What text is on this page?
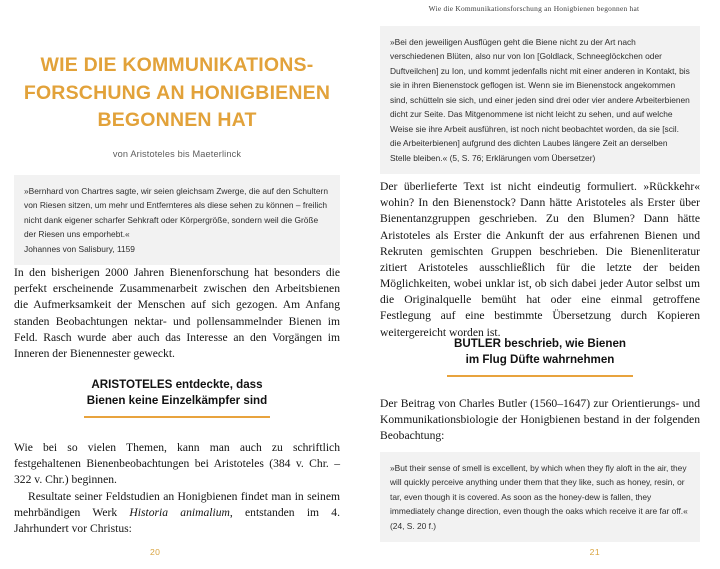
Wie die Kommunikationsforschung an Honigbienen begonnen hat
WIE DIE KOMMUNIKATIONS-FORSCHUNG AN HONIGBIENEN BEGONNEN HAT
von Aristoteles bis Maeterlinck

»Bernhard von Chartres sagte, wir seien gleichsam Zwerge, die auf den Schultern von Riesen sitzen, um mehr und Entfernteres als diese sehen zu können – freilich nicht dank eigener scharfer Sehkraft oder Körpergröße, sondern weil die Größe der Riesen uns emporhebt.«

Johannes von Salisbury, 1159

In den bisherigen 2000 Jahren Bienenforschung hat besonders die perfekt erscheinende Zusammenarbeit zwischen den Arbeitsbienen die Aufmerksamkeit der Menschen auf sich gezogen. Am Anfang standen Beobachtungen nektar- und pollensammelnder Bienen im Feld. Rasch wurde aber auch das Interesse an den Vorgängen im Inneren der Bienennester geweckt.

ARISTOTELES entdeckte, dass
Bienen keine Einzelkämpfer sind

Wie bei so vielen Themen, kann man auch zu schriftlich festgehaltenen Bienenbeobachtungen bei Aristoteles (384 v. Chr. – 322 v. Chr.) beginnen.

Resultate seiner Feldstudien an Honigbienen findet man in seinem mehrbändigen Werk Historia animalium, entstanden im 4. Jahrhundert vor Christus:

20

»Bei den jeweiligen Ausflügen geht die Biene nicht zu der Art nach verschiedenen Blüten, also nur von Ion [Goldlack, Schneeglöckchen oder Duftveilchen] zu Ion, und kommt jedenfalls nicht mit einer anderen in Kontakt, bis sie in ihren Bienenstock geflogen ist. Wenn sie im Bienenstock angekommen sind, schütteln sie sich, und einer jeden sind drei oder vier andere Arbeiterbienen dicht zur Seite. Das Mitgenommene ist nicht leicht zu sehen, und auf welche Weise sie ihre Arbeit ausführen, ist noch nicht beobachtet worden, da sie [scil. die Arbeiterbienen] aufgrund des dichten Laubes längere Zeit an derselben Stelle bleiben.« (5, S. 76; Erklärungen vom Übersetzer)

Der überlieferte Text ist nicht eindeutig formuliert. »Rückkehr« wohin? In den Bienenstock? Dann hätte Aristoteles als Erster über Bienentanzgruppen geschrieben. Zu den Blumen? Dann hätte Aristoteles als Erster die Ankunft der aus erfahrenen Bienen und Rekruten gemischten Gruppen beschrieben. Die Bienenliteratur zitiert Aristoteles ausschließlich für die letzte der beiden Möglichkeiten, wobei unklar ist, ob sich dabei jeder Autor selbst um die Originalquelle bemüht hat oder eine einmal getroffene Festlegung auf eine bestimmte Übersetzung durch Kopieren weitergereicht worden ist.

BUTLER beschrieb, wie Bienen
im Flug Düfte wahrnehmen

Der Beitrag von Charles Butler (1560–1647) zur Orientierungs- und Kommunikationsbiologie der Honigbienen bestand in der folgenden Beobachtung:

»But their sense of smell is excellent, by which when they fly aloft in the air, they will quickly perceive anything under them that they like, such as honey, resin, or tar, even though it is covered. As soon as the honey-dew is fallen, they immediately change direction, even though the oaks which receive it are far off.« (24, S. 20 f.)

21
